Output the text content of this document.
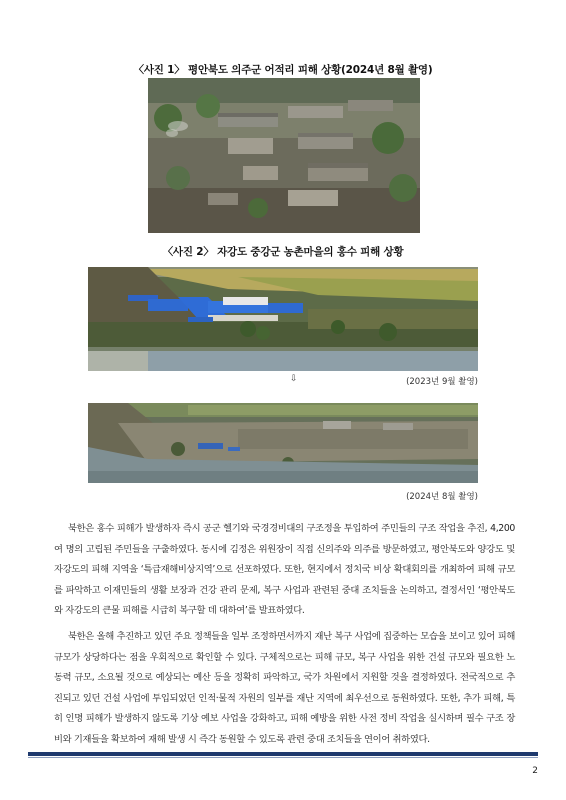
〈사진 1〉 평안북도 의주군 어적리 피해 상황(2024년 8월 촬영)
〈사진 2〉 자강도 중강군 농촌마을의 홍수 피해 상황
⇩	(2023년 9월 촬영)
(2024년 8월 촬영)

북한은 홍수 피해가 발생하자 즉시 공군 헬기와 국경경비대의 구조정을 투입하여 주민들의 구조 작업을 추진, 4,200여 명의 고립된 주민들을 구출하였다. 동시에 김정은 위원장이 직접 신의주와 의주를 방문하였고, 평안북도와 양강도 및 자강도의 피해 지역을 ‘특급재해비상지역’으로 선포하였다. 또한, 현지에서 정치국 비상 확대회의를 개최하여 피해 규모를 파악하고 이재민들의 생활 보장과 건강 관리 문제, 복구 사업과 관련된 중대 조치들을 논의하고, 결정서인 ‘평안북도와 자강도의 큰물 피해를 시급히 복구할 데 대하여’를 발표하였다.

북한은 올해 추진하고 있던 주요 정책들을 일부 조정하면서까지 재난 복구 사업에 집중하는 모습을 보이고 있어 피해 규모가 상당하다는 점을 우회적으로 확인할 수 있다. 구체적으로는 피해 규모, 복구 사업을 위한 건설 규모와 필요한 노동력 규모, 소요될 것으로 예상되는 예산 등을 정확히 파악하고, 국가 차원에서 지원할 것을 결정하였다. 전국적으로 추진되고 있던 건설 사업에 투입되었던 인적·물적 자원의 일부를 재난 지역에 최우선으로 동원하였다. 또한, 추가 피해, 특히 인명 피해가 발생하지 않도록 기상 예보 사업을 강화하고, 피해 예방을 위한 사전 정비 작업을 실시하며 필수 구조 장비와 기재들을 확보하여 재해 발생 시 즉각 동원할 수 있도록 관련 중대 조치들을 연이어 취하였다.

2
